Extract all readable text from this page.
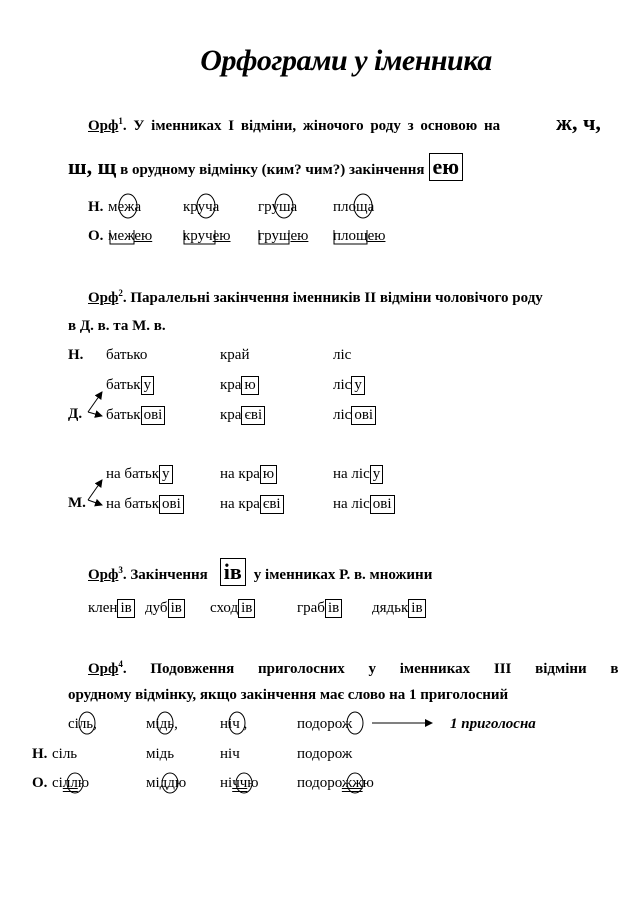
Орфограми у іменника
Орф$^1$. У іменниках І відміни, жіночого роду з основою на	ж, ч,
ш, щ в орудному відмінку (ким? чим?) закінчення ею
Н. межа	круча	груша площа
О. межею кручею грушею площею
Орф$^2$. Паралельні закінчення іменників ІІ відміни чоловічого роду
в Д. в. та М. в.
Н. батько	край	ліс
батьк у	кра ю	ліс у
Д. батьк ові	кра єві	ліс ові
на батьк у	на кра ю	на ліс у
М. на батьк ові	на кра єві	на ліс ові
Орф$^3$. Закінчення ів у іменниках Р. в. множини
клен ів дуб ів сход ів	граб ів дядьк ів
Орф$^4$. Подовження приголосних у іменниках ІІІ відміни в
орудному відмінку, якщо закінчення має слово на 1 приголосний
сіль,	мідь,	ніч ,	подорож	1 приголосна
Н. сіль	мідь	ніч	подорож
О. сіллю	міддю ніччю	подорожжю
